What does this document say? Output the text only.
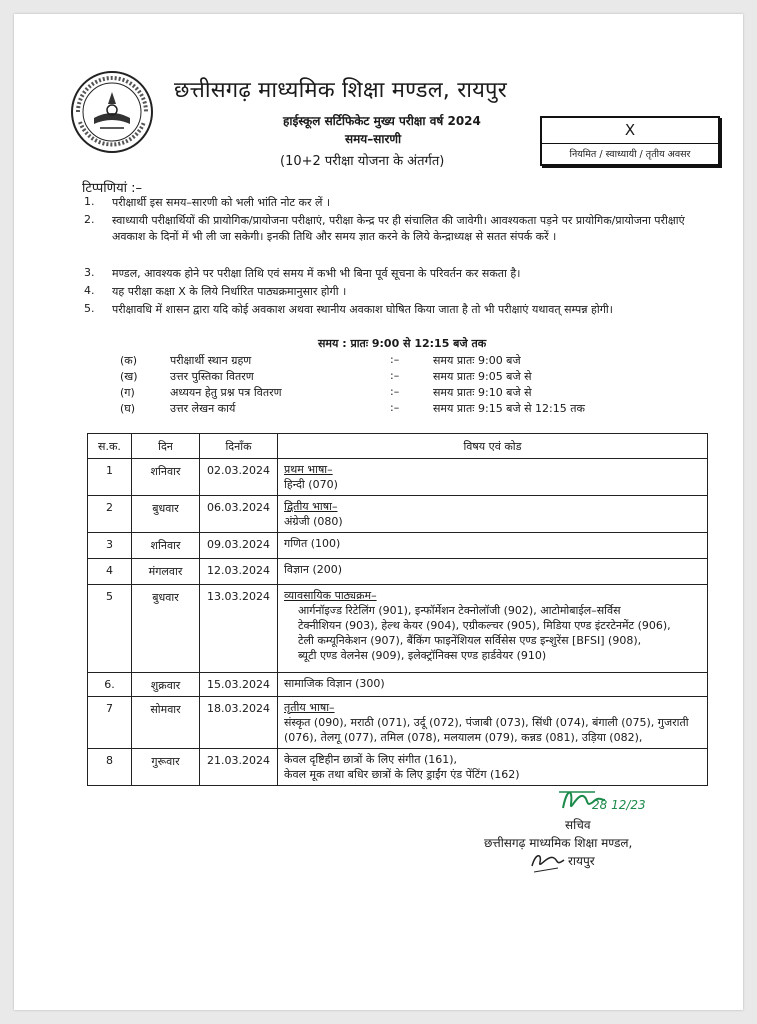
छत्तीसगढ़ माध्यमिक शिक्षा मण्डल, रायपुर
हाईस्कूल सर्टिफिकेट मुख्य परीक्षा वर्ष 2024
समय–सारणी
(10+2 परीक्षा योजना के अंतर्गत)
X
नियमित / स्वाध्यायी / तृतीय अवसर
टिप्पणियां :–
1. परीक्षार्थी इस समय–सारणी को भली भांति नोट कर लें ।
2. स्वाध्यायी परीक्षार्थियों की प्रायोगिक/प्रायोजना परीक्षाएं, परीक्षा केन्द्र पर ही संचालित की जावेगी। आवश्यकता पड़ने पर प्रायोगिक/प्रायोजना परीक्षाएं अवकाश के दिनों में भी ली जा सकेगी। इनकी तिथि और समय ज्ञात करने के लिये केन्द्राध्यक्ष से सतत संपर्क करें ।
3. मण्डल, आवश्यक होने पर परीक्षा तिथि एवं समय में कभी भी बिना पूर्व सूचना के परिवर्तन कर सकता है।
4. यह परीक्षा कक्षा X के लिये निर्धारित पाठ्यक्रमानुसार होगी ।
5. परीक्षावधि में शासन द्वारा यदि कोई अवकाश अथवा स्थानीय अवकाश घोषित किया जाता है तो भी परीक्षाएं यथावत् सम्पन्न होगी।
समय : प्रातः 9:00 से 12:15 बजे तक
(क)	परीक्षार्थी स्थान ग्रहण	:–	समय प्रातः 9:00 बजे
(ख)	उत्तर पुस्तिका वितरण	:–	समय प्रातः 9:05 बजे से
(ग)	अध्ययन हेतु प्रश्न पत्र वितरण	:–	समय प्रातः 9:10 बजे से
(घ)	उत्तर लेखन कार्य	:–	समय प्रातः 9:15 बजे से 12:15 तक
स.क.	दिन	दिनाँक	विषय एवं कोड
1	शनिवार	02.03.2024	प्रथम भाषा–
हिन्दी (070)

2	बुधवार	06.03.2024	द्वितीय भाषा–
अंग्रेजी (080)

3	शनिवार	09.03.2024	गणित (100)

4	मंगलवार	12.03.2024	विज्ञान (200)

5	बुधवार	13.03.2024	व्यावसायिक पाठ्यक्रम–
आर्गनॉइज्ड रिटेलिंग (901), इन्फॉर्मेशन टेक्नोलॉजी (902), आटोमोबाईल–सर्विस
टेक्नीशियन (903), हेल्थ केयर (904), एग्रीकल्चर (905), मिडिया एण्ड इंटरटेनमेंट (906),
टेली कम्यूनिकेशन (907), बैंकिंग फाइनेंशियल सर्विसेस एण्ड इन्शुरेंस [BFSI] (908),
ब्यूटी एण्ड वेलनेस (909), इलेक्ट्रॉनिक्स एण्ड हार्डवेयर (910)

6.	शुक्रवार	15.03.2024	सामाजिक विज्ञान (300)

7	सोमवार	18.03.2024	तृतीय भाषा–
संस्कृत (090), मराठी (071), उर्दू (072), पंजाबी (073), सिंधी (074), बंगाली (075), गुजराती
(076), तेलगू (077), तमिल (078), मलयालम (079), कन्नड (081), उड़िया (082),

8	गुरूवार	21.03.2024	केवल दृष्टिहीन छात्रों के लिए संगीत (161),
केवल मूक तथा बधिर छात्रों के लिए ड्राईंग एंड पेंटिंग (162)
28 12/23
सचिव
छत्तीसगढ़ माध्यमिक शिक्षा मण्डल,
रायपुर
